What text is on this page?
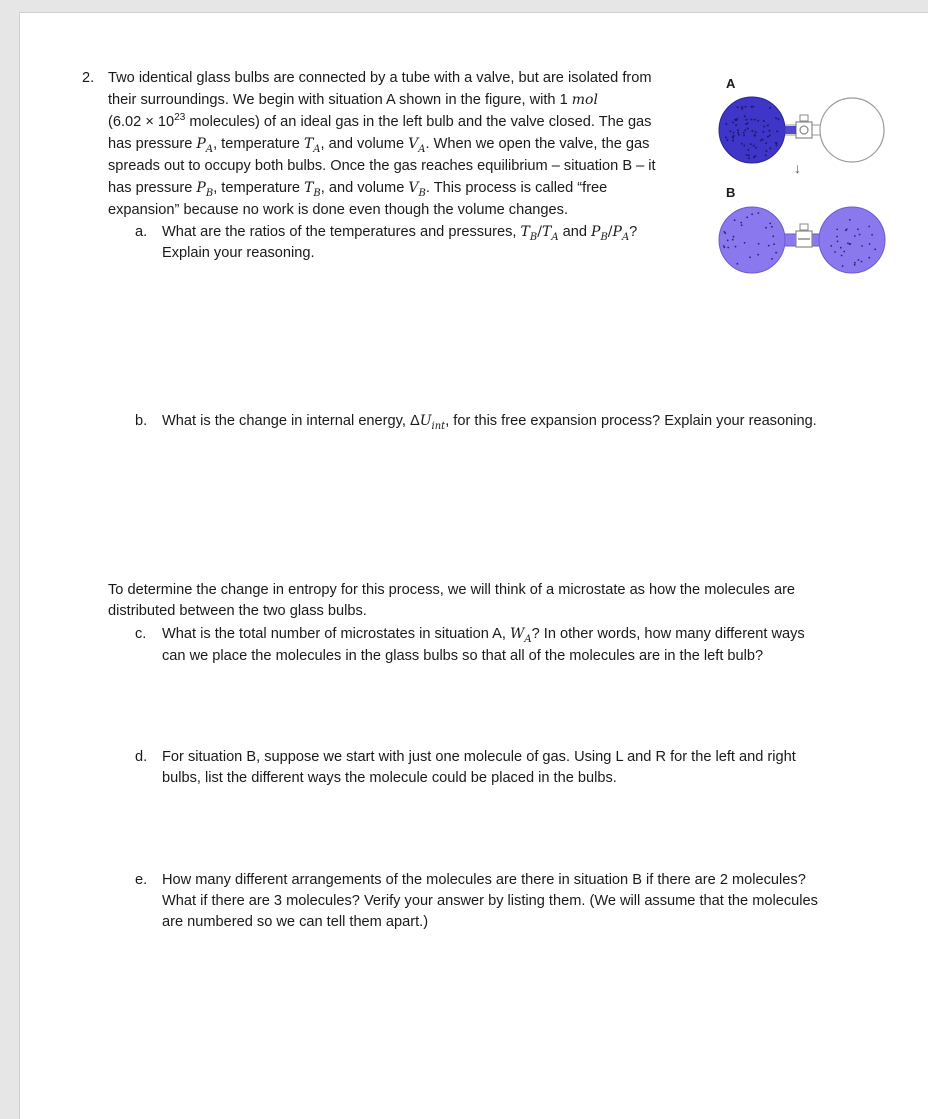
2. Two identical glass bulbs are connected by a tube with a valve, but are isolated from
their surroundings. We begin with situation A shown in the figure, with 1 mol
($6.02 \times 10^{23}$ molecules) of an ideal gas in the left bulb and the valve closed. The gas
has pressure $P_A$, temperature $T_A$, and volume $V_A$. When we open the valve, the gas
spreads out to occupy both bulbs. Once the gas reaches equilibrium – situation B – it
has pressure $P_B$, temperature $T_B$, and volume $V_B$. This process is called “free
expansion” because no work is done even though the volume changes.
a. What are the ratios of the temperatures and pressures, $T_B/T_A$ and $P_B/P_A$?
Explain your reasoning.
b. What is the change in internal energy, $\Delta U_{int}$, for this free expansion process? Explain your reasoning.
To determine the change in entropy for this process, we will think of a microstate as how the molecules are
distributed between the two glass bulbs.
c. What is the total number of microstates in situation A, $W_A$? In other words, how many different ways
can we place the molecules in the glass bulbs so that all of the molecules are in the left bulb?
d. For situation B, suppose we start with just one molecule of gas. Using L and R for the left and right
bulbs, list the different ways the molecule could be placed in the bulbs.
e. How many different arrangements of the molecules are there in situation B if there are 2 molecules?
What if there are 3 molecules? Verify your answer by listing them. (We will assume that the molecules
are numbered so we can tell them apart.)
A
B
↓
